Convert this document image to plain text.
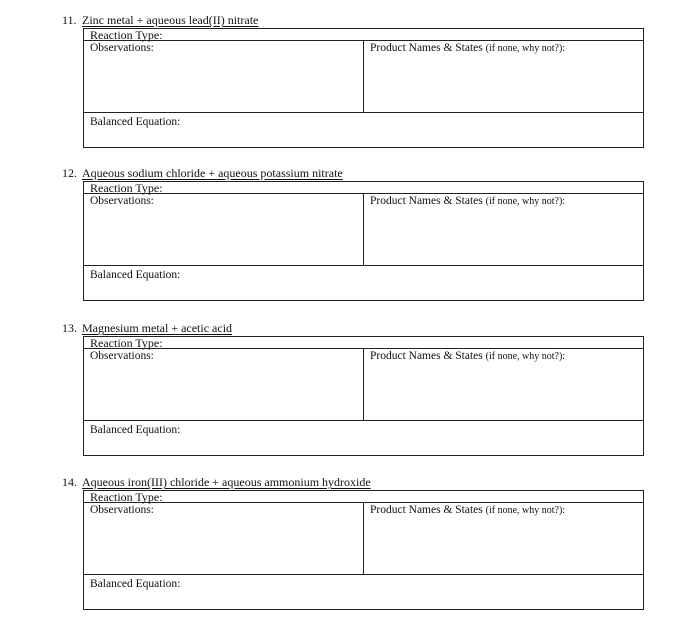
11. Zinc metal + aqueous lead(II) nitrate
Reaction Type:
Observations:	Product Names & States (if none, why not?):
Balanced Equation:
12. Aqueous sodium chloride + aqueous potassium nitrate
Reaction Type:
Observations:	Product Names & States (if none, why not?):
Balanced Equation:
13. Magnesium metal + acetic acid
Reaction Type:
Observations:	Product Names & States (if none, why not?):
Balanced Equation:
14. Aqueous iron(III) chloride + aqueous ammonium hydroxide
Reaction Type:
Observations:	Product Names & States (if none, why not?):
Balanced Equation:
